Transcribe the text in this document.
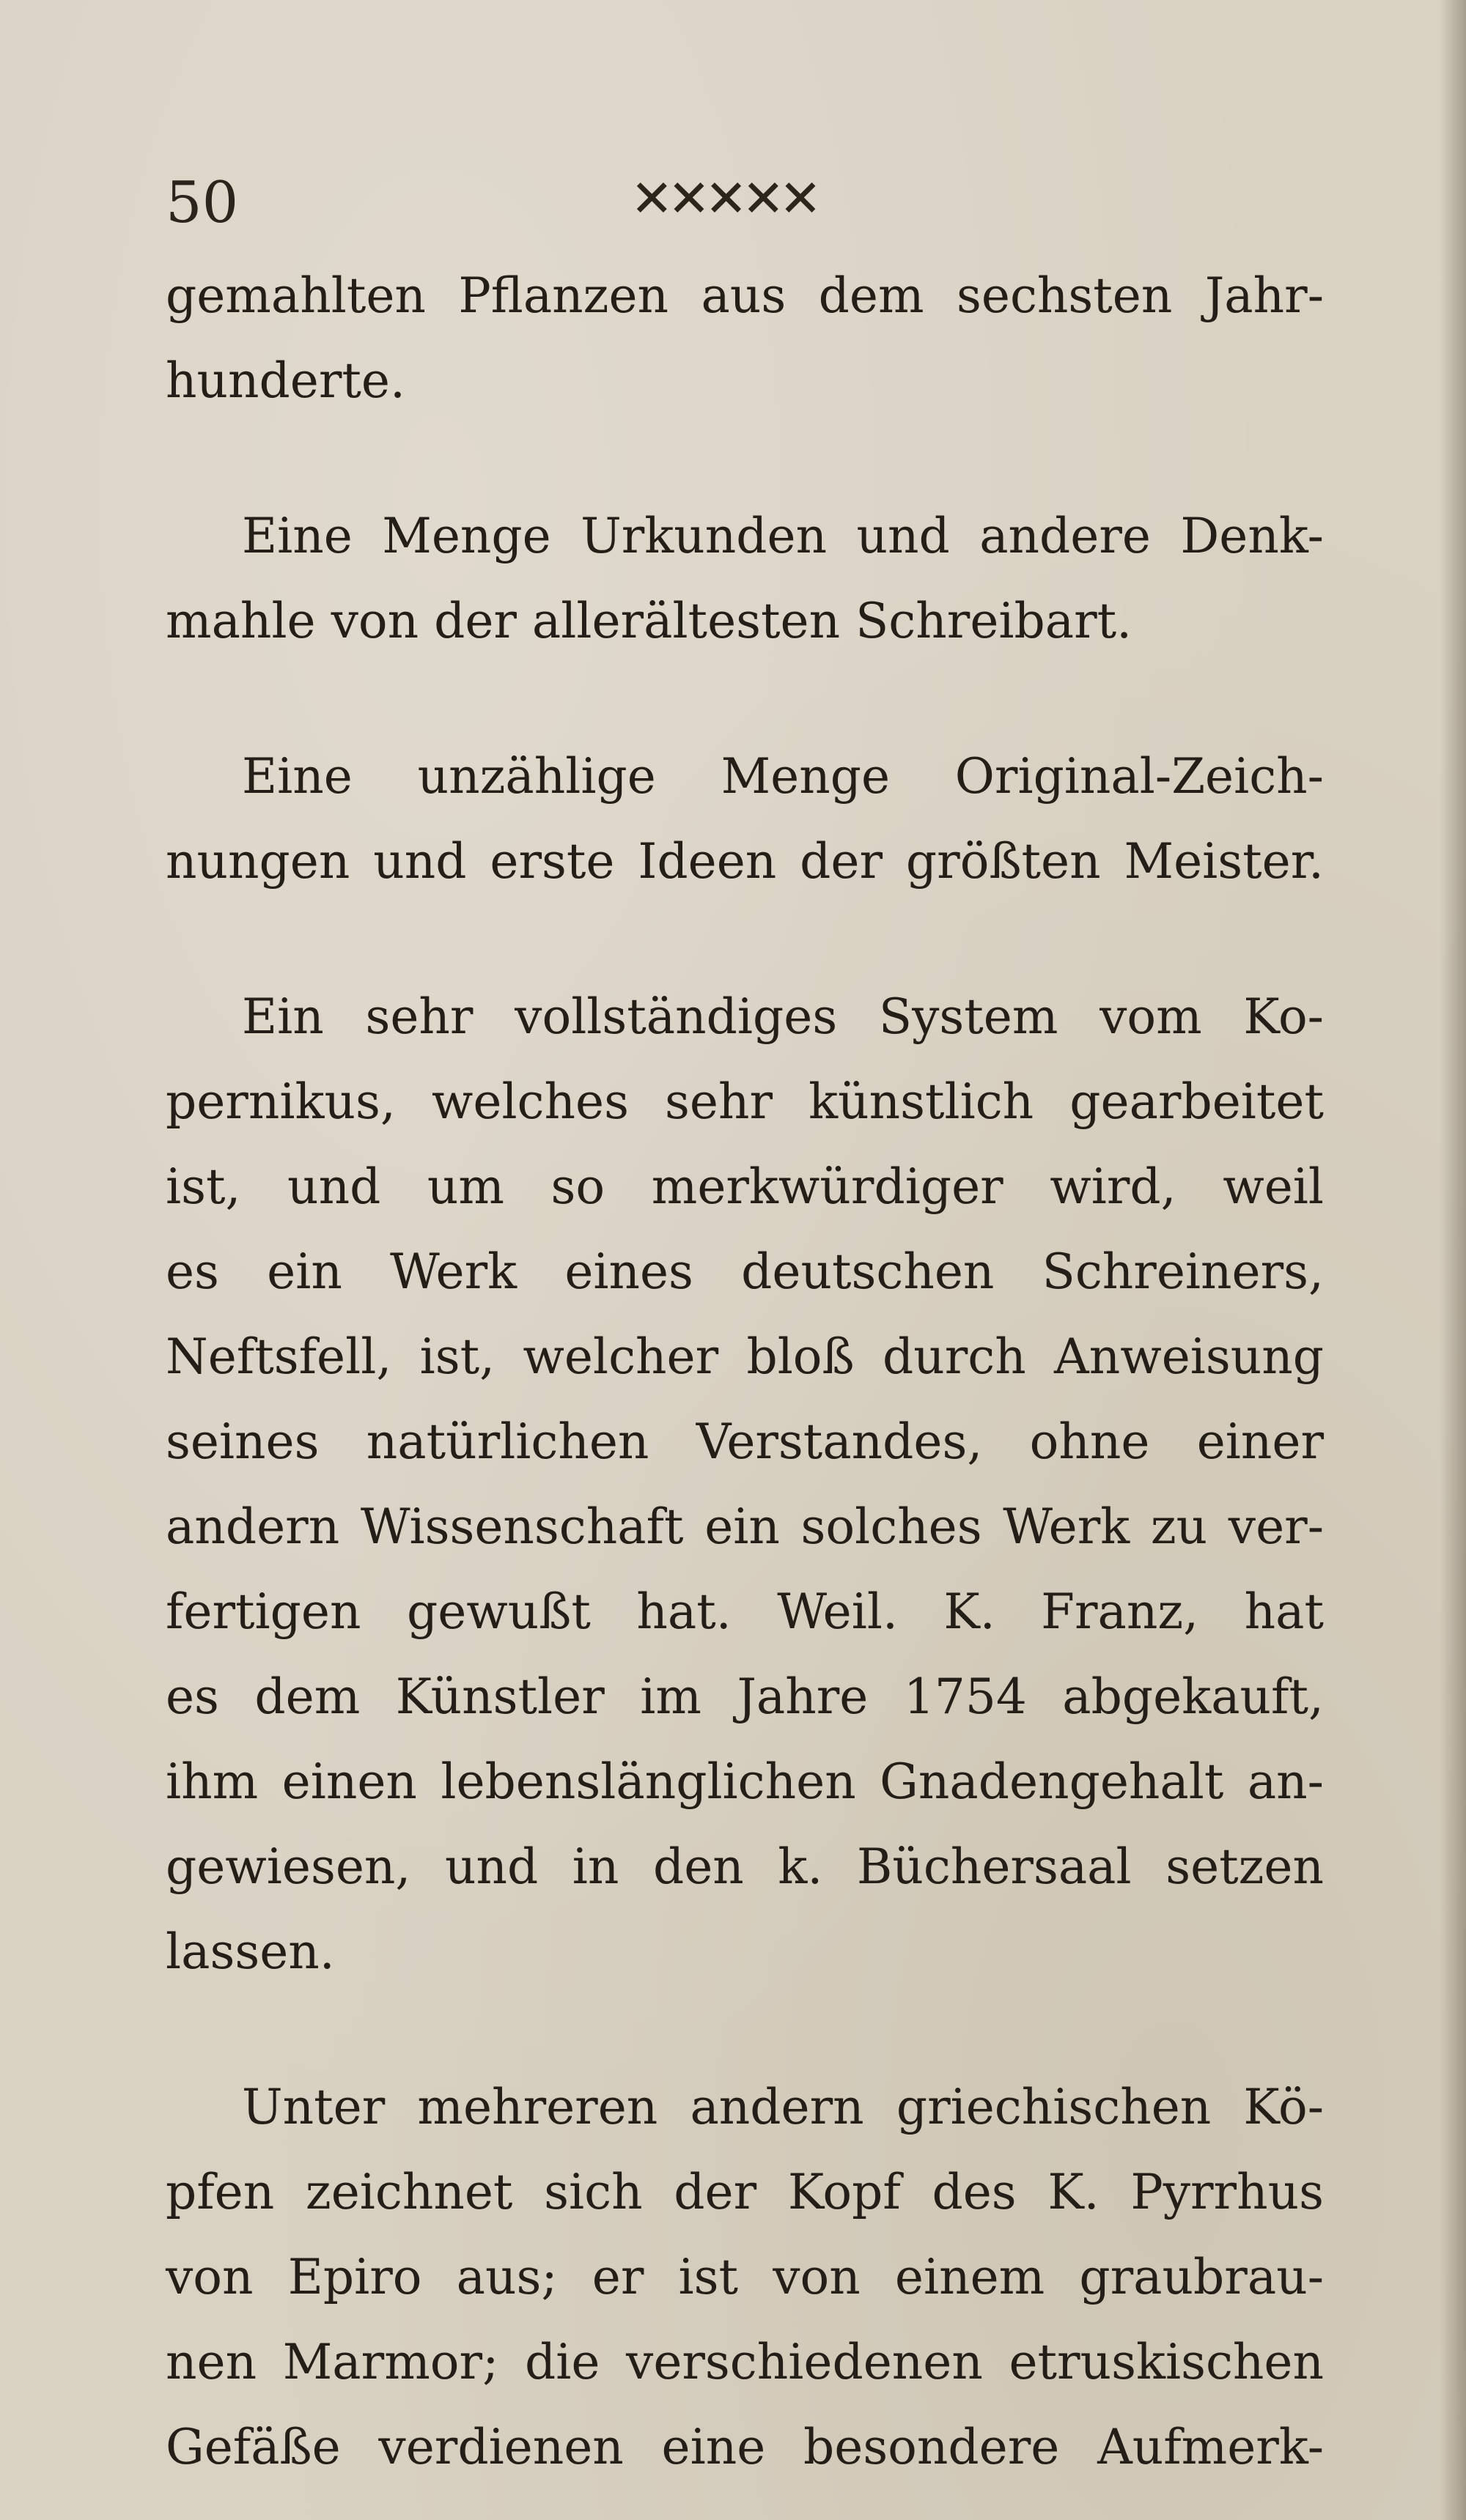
50	✕✕✕✕✕

gemahlten Pflanzen aus dem sechsten Jahr-
hunderte.

Eine Menge Urkunden und andere Denk-
mahle von der allerältesten Schreibart.

Eine unzählige Menge Original-Zeich-
nungen und erste Ideen der größten Meister.

Ein sehr vollständiges System vom Ko-
pernikus, welches sehr künstlich gearbeitet
ist, und um so merkwürdiger wird, weil
es ein Werk eines deutschen Schreiners,
Neftsfell, ist, welcher bloß durch Anweisung
seines natürlichen Verstandes, ohne einer
andern Wissenschaft ein solches Werk zu ver-
fertigen gewußt hat. Weil. K. Franz, hat
es dem Künstler im Jahre 1754 abgekauft,
ihm einen lebenslänglichen Gnadengehalt an-
gewiesen, und in den k. Büchersaal setzen
lassen.

Unter mehreren andern griechischen Kö-
pfen zeichnet sich der Kopf des K. Pyrrhus
von Epiro aus; er ist von einem graubrau-
nen Marmor; die verschiedenen etruskischen
Gefäße verdienen eine besondere Aufmerk-
